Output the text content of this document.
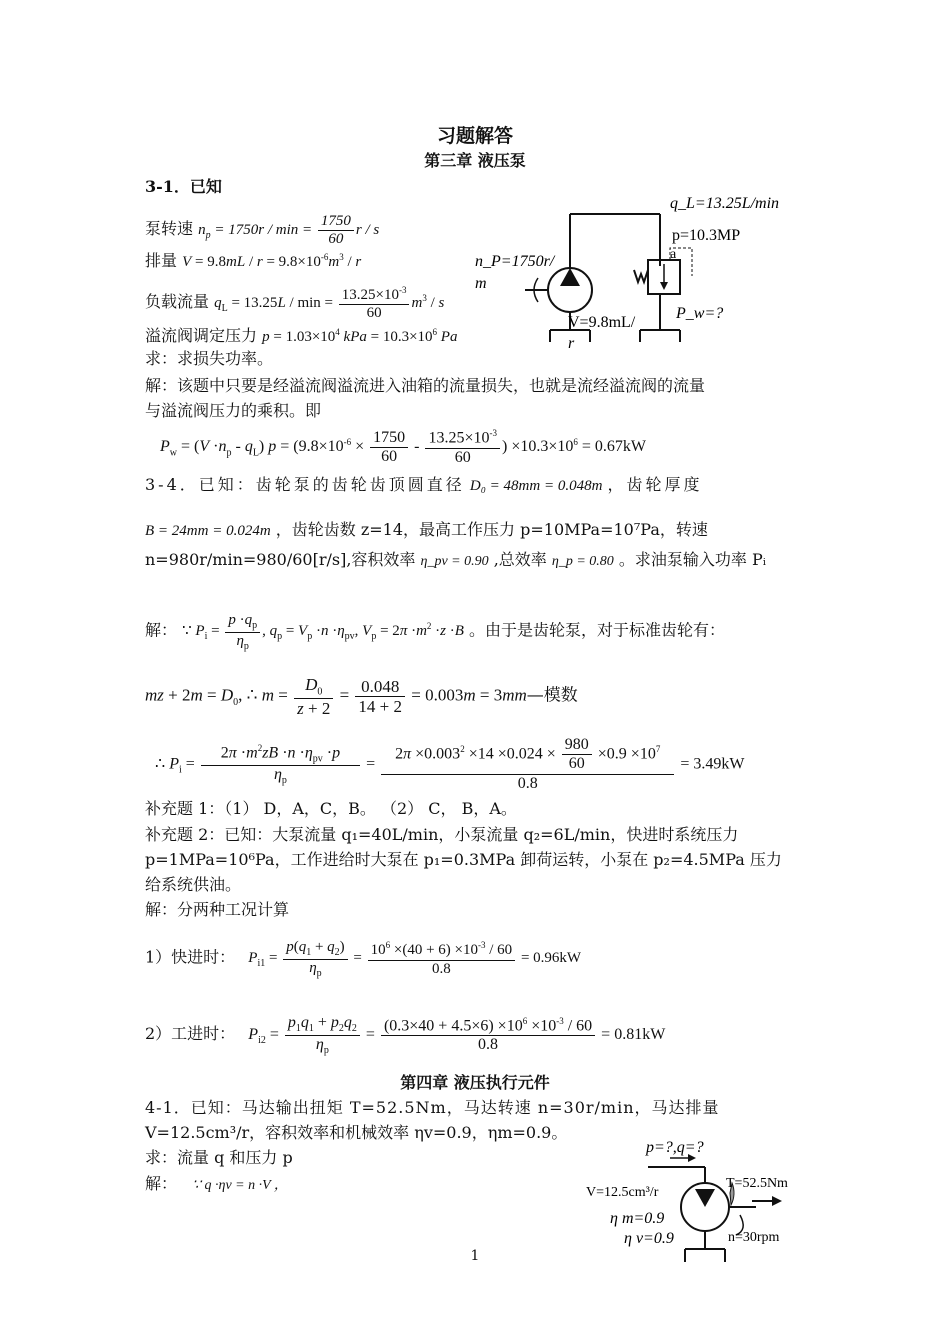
习题解答
第三章 液压泵
3-1．已知
泵转速 $n_p = 1750r / \min = \frac{1750}{60}$ r / s
排量 $V = 9.8mL / r = 9.8\times 10^{-6}m^3 / r$
负载流量 $q_L = 13.25L / \min = \frac{13.25\times 10^{-3}}{60} m^3 / s$
溢流阀调定压力 $p = 1.03\times 10^4$ kPa = $10.3\times 10^6$ Pa
求：求损失功率。
解：该题中只要是经溢流阀溢流进入油箱的流量损失，也就是流经溢流阀的流量
与溢流阀压力的乘积。即
$P_w = (V \cdot n_p - q_L) p = (9.8\times 10^{-6} \times \frac{1750}{60} - \frac{13.25\times 10^{-3}}{60}$ ) $\times 10.3\times 10^6 = 0.67kW$
q_L=13.25L/min
p=10.3MP
a
n_P=1750r/
m
V=9.8mL/
r
P_w=?
3-4．已知：齿轮泵的齿轮齿顶圆直径 D₀ = 48mm = 0.048m ，齿轮厚度
B = 24mm = 0.024m ，齿轮齿数 z=14，最高工作压力 p=10MPa=10⁷Pa，转速
n=980r/min=980/60[r/s],容积效率 η_pv = 0.90 ,总效率 η_p = 0.80 。求油泵输入功率 Pᵢ
解： ∵ $P_i = \frac{p \cdot q_p}{\eta_p}$ , $q_p = V_p \cdot n \cdot\eta_{pv}$, $V_p = 2\pi \cdot m^2 \cdot z \cdot B$ 。由于是齿轮泵，对于标准齿轮有：
mz + $2m = D_0$, ∴ $m = \frac{D_0}{z + 2} = \frac{0.048}{14 + 2} = 0.003m$ = 3mm—模数
∴ $P_i = \frac{2\pi \cdot m^2zB \cdot n \cdot\eta_{pv} \cdot p}{\eta_p} = \frac{2\pi \times 0.003^2 \times 14 \times 0.024 \times \frac{980}{60} \times 0.9 \times 10^7}{0.8} = 3.49kW$
补充题 1：（1） D，A，C，B。 （2） C， B，A。
补充题 2：已知：大泵流量 q₁=40L/min，小泵流量 q₂=6L/min，快进时系统压力
p=1MPa=10⁶Pa，工作进给时大泵在 p₁=0.3MPa 卸荷运转，小泵在 p₂=4.5MPa 压力
给系统供油。
解：分两种工况计算
1）快进时： $P_{i1} = \frac{p(q_1 + q_2)}{\eta_p} = \frac{10^6 \times(40 + 6) \times 10^{-3} / 60}{0.8} = 0.96kW$
2）工进时： $P_{i2} = \frac{p_1q_1 + p_2q_2}{\eta_p} = \frac{(0.3\times 40 + 4.5\times 6) \times 10^6 \times 10^{-3} / 60}{0.8} = 0.81kW$
第四章 液压执行元件
4-1．已知：马达输出扭矩 T=52.5Nm，马达转速 n=30r/min，马达排量
V=12.5cm³/r，容积效率和机械效率 ηv=0.9，ηm=0.9。
求：流量 q 和压力 p
解： ∵ q ·ηv = n ·V ，
p=?,q=?
V=12.5cm³/r
T=52.5Nm
η m=0.9
η v=0.9	n=30rpm
1
